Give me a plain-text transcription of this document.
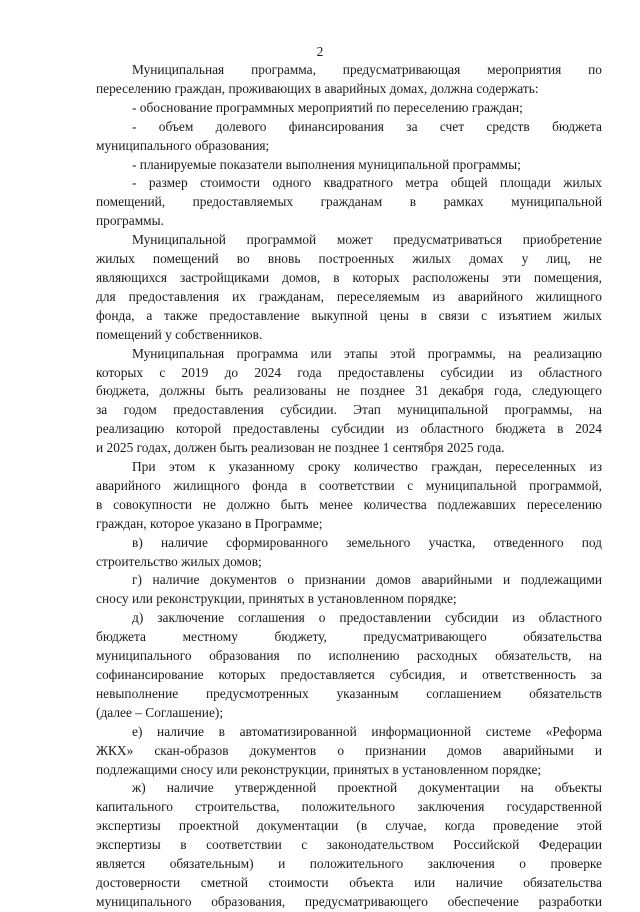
2

Муниципальная программа, предусматривающая мероприятия по

переселению граждан, проживающих в аварийных домах, должна содержать:

- обоснование программных мероприятий по переселению граждан;

- объем долевого финансирования за счет средств бюджета

муниципального образования;

- планируемые показатели выполнения муниципальной программы;

- размер стоимости одного квадратного метра общей площади жилых

помещений, предоставляемых гражданам в рамках муниципальной

программы.

Муниципальной программой может предусматриваться приобретение

жилых помещений во вновь построенных жилых домах у лиц, не

являющихся застройщиками домов, в которых расположены эти помещения,

для предоставления их гражданам, переселяемым из аварийного жилищного

фонда, а также предоставление выкупной цены в связи с изъятием жилых

помещений у собственников.

Муниципальная программа или этапы этой программы, на реализацию

которых с 2019 до 2024 года предоставлены субсидии из областного

бюджета, должны быть реализованы не позднее 31 декабря года, следующего

за годом предоставления субсидии. Этап муниципальной программы, на

реализацию которой предоставлены субсидии из областного бюджета в 2024

и 2025 годах, должен быть реализован не позднее 1 сентября 2025 года.

При этом к указанному сроку количество граждан, переселенных из

аварийного жилищного фонда в соответствии с муниципальной программой,

в совокупности не должно быть менее количества подлежавших переселению

граждан, которое указано в Программе;

в) наличие сформированного земельного участка, отведенного под

строительство жилых домов;

г) наличие документов о признании домов аварийными и подлежащими

сносу или реконструкции, принятых в установленном порядке;

д) заключение соглашения о предоставлении субсидии из областного

бюджета местному бюджету, предусматривающего обязательства

муниципального образования по исполнению расходных обязательств, на

софинансирование которых предоставляется субсидия, и ответственность за

невыполнение предусмотренных указанным соглашением обязательств

(далее – Соглашение);

е) наличие в автоматизированной информационной системе «Реформа

ЖКХ» скан-образов документов о признании домов аварийными и

подлежащими сносу или реконструкции, принятых в установленном порядке;

ж) наличие утвержденной проектной документации на объекты

капитального строительства, положительного заключения государственной

экспертизы проектной документации (в случае, когда проведение этой

экспертизы в соответствии с законодательством Российской Федерации

является обязательным) и положительного заключения о проверке

достоверности сметной стоимости объекта или наличие обязательства

муниципального образования, предусматривающего обеспечение разработки
